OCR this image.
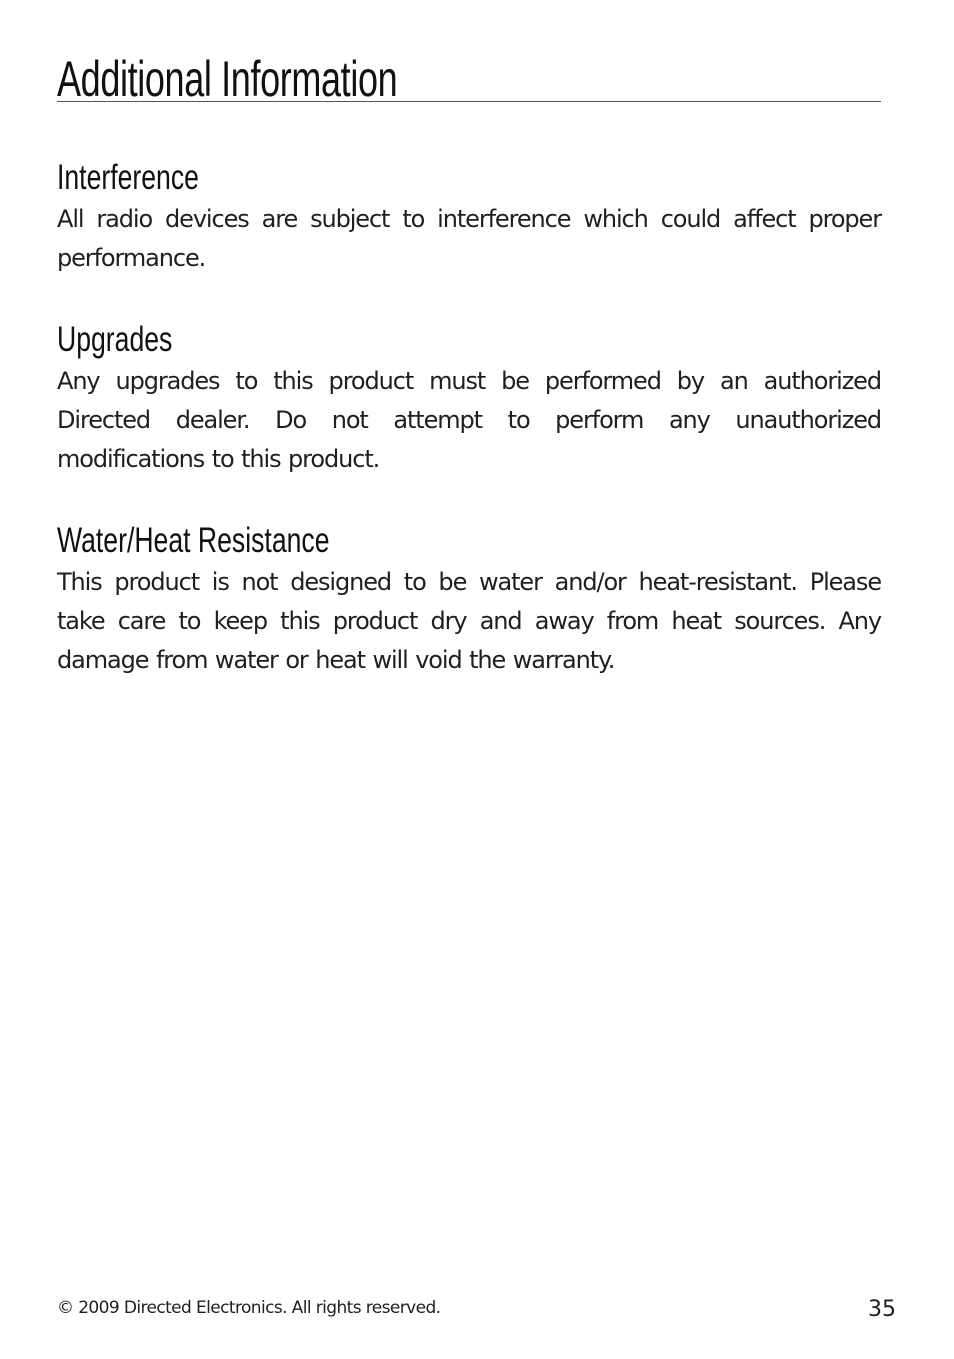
Additional Information
Interference

All radio devices are subject to interference which could affect proper performance.

Upgrades

Any upgrades to this product must be performed by an authorized Directed dealer. Do not attempt to perform any unauthorized modifications to this product.

Water/Heat Resistance

This product is not designed to be water and/or heat-resistant. Please take care to keep this product dry and away from heat sources. Any damage from water or heat will void the warranty.

© 2009 Directed Electronics. All rights reserved.	35
